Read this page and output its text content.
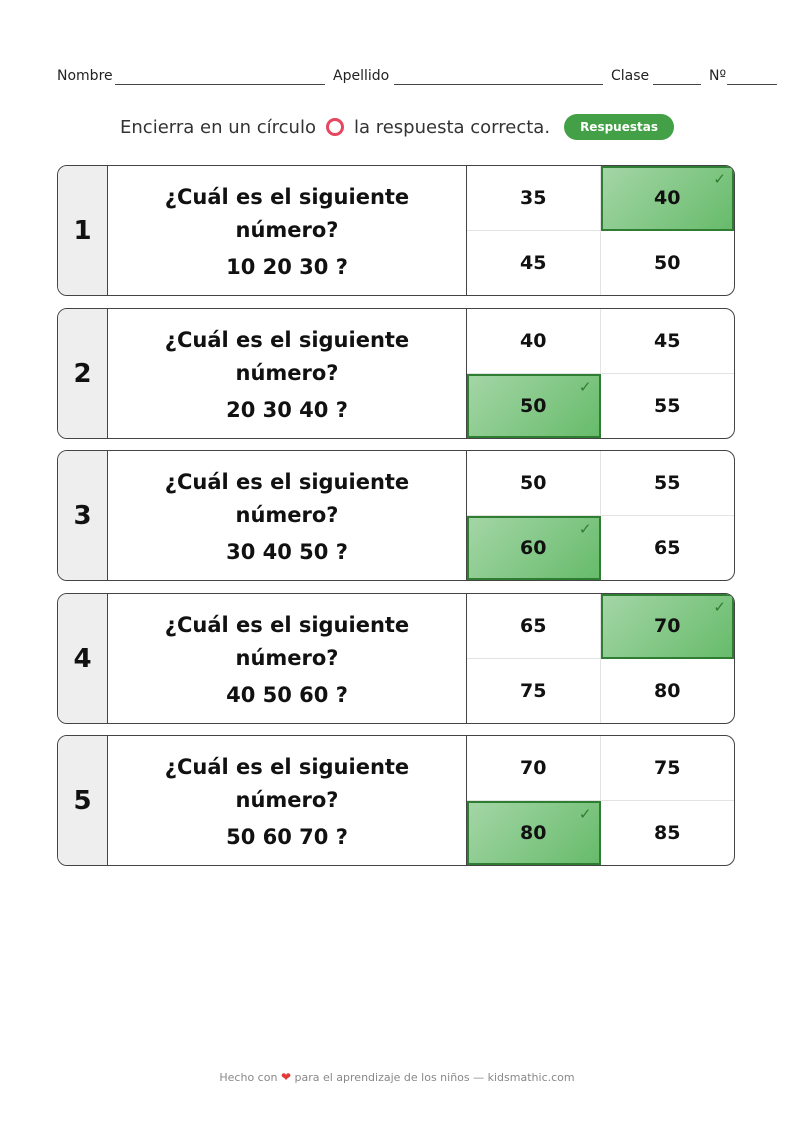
Nombre	Apellido	Clase	Nº
Encierra en un círculo la respuesta correcta.	Respuestas
1
¿Cuál es el siguiente número?
10 20 30 ?
35	40
✓
45	50
2
¿Cuál es el siguiente número?
20 30 40 ?
40	45
50
✓
55
3
¿Cuál es el siguiente número?
30 40 50 ?
50	55
60
✓
65
4
¿Cuál es el siguiente número?
40 50 60 ?
65	70
✓
75	80
5
¿Cuál es el siguiente número?
50 60 70 ?
70	75
80
✓
85
Hecho con ❤ para el aprendizaje de los niños — kidsmathic.com
